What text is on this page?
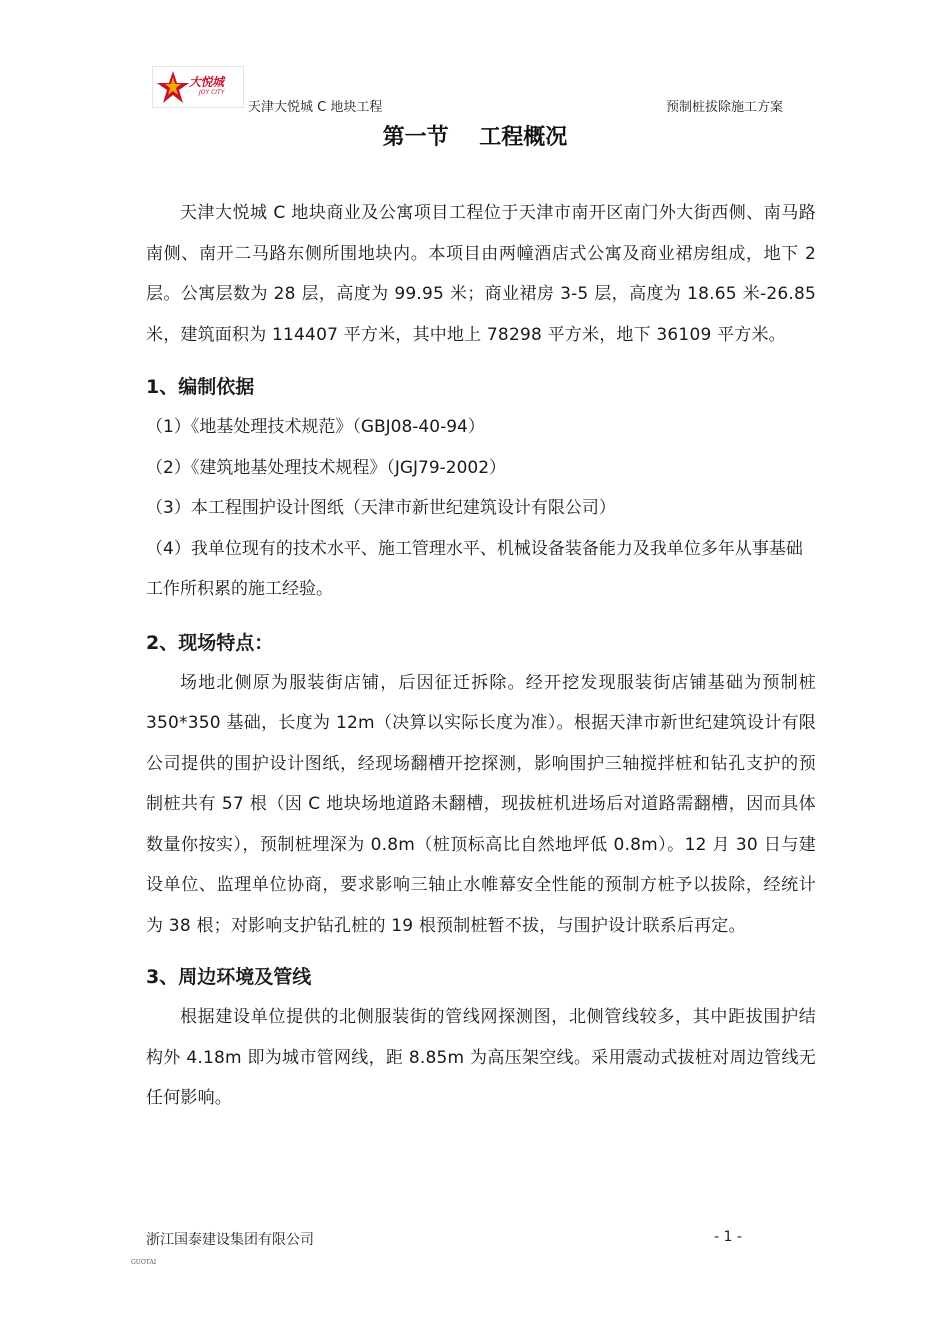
大悦城
JOY CITY
天津大悦城 C 地块工程	预制桩拔除施工方案
第一节    工程概况

天津大悦城 C 地块商业及公寓项目工程位于天津市南开区南门外大街西侧、南马路南侧、南开二马路东侧所围地块内。本项目由两幢酒店式公寓及商业裙房组成，地下 2 层。公寓层数为 28 层，高度为 99.95 米；商业裙房 3-5 层，高度为 18.65 米-26.85 米，建筑面积为 114407 平方米，其中地上 78298 平方米，地下 36109 平方米。

1、编制依据

（1）《地基处理技术规范》（GBJ08-40-94）

（2）《建筑地基处理技术规程》（JGJ79-2002）

（3）本工程围护设计图纸（天津市新世纪建筑设计有限公司）

（4）我单位现有的技术水平、施工管理水平、机械设备装备能力及我单位多年从事基础工作所积累的施工经验。

2、现场特点：

场地北侧原为服装街店铺，后因征迁拆除。经开挖发现服装街店铺基础为预制桩 350*350 基础，长度为 12m（决算以实际长度为准）。根据天津市新世纪建筑设计有限公司提供的围护设计图纸，经现场翻槽开挖探测，影响围护三轴搅拌桩和钻孔支护的预制桩共有 57 根（因 C 地块场地道路未翻槽，现拔桩机进场后对道路需翻槽，因而具体数量你按实），预制桩埋深为 0.8m（桩顶标高比自然地坪低 0.8m）。12 月 30 日与建设单位、监理单位协商，要求影响三轴止水帷幕安全性能的预制方桩予以拔除，经统计为 38 根；对影响支护钻孔桩的 19 根预制桩暂不拔，与围护设计联系后再定。

3、周边环境及管线

根据建设单位提供的北侧服装街的管线网探测图，北侧管线较多，其中距拔围护结构外 4.18m 即为城市管网线，距 8.85m 为高压架空线。采用震动式拔桩对周边管线无任何影响。

浙江国泰建设集团有限公司	- 1 -
GUOTAI
